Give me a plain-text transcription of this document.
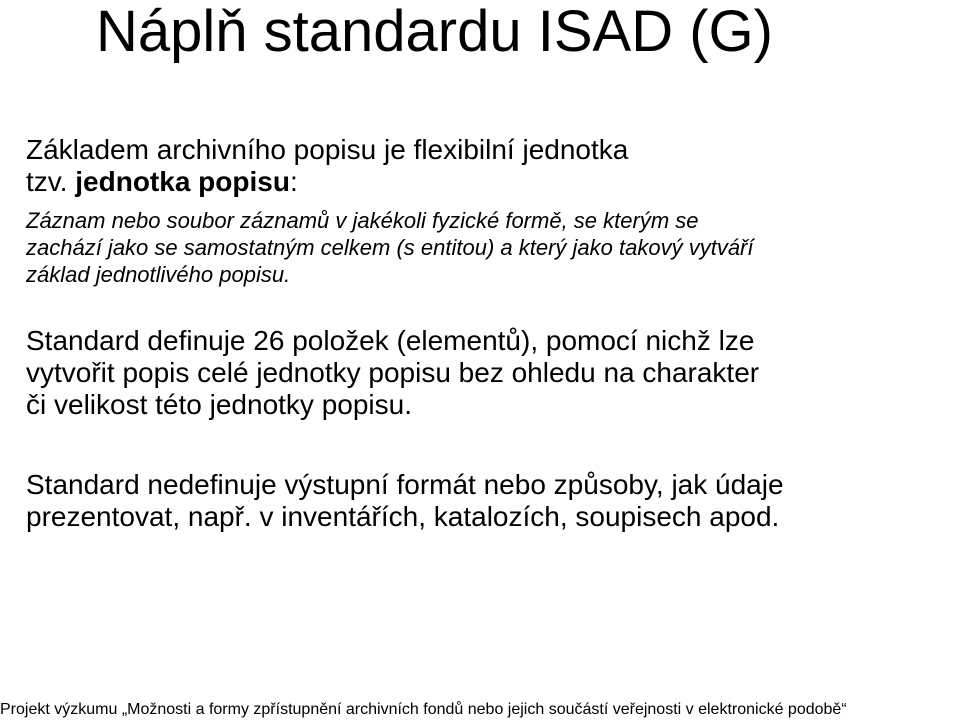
Náplň standardu ISAD (G)
Základem archivního popisu je flexibilní jednotka
tzv. jednotka popisu:
Záznam nebo soubor záznamů v jakékoli fyzické formě, se kterým se
zachází jako se samostatným celkem (s entitou) a který jako takový vytváří
základ jednotlivého popisu.
Standard definuje 26 položek (elementů), pomocí nichž lze
vytvořit popis celé jednotky popisu bez ohledu na charakter
či velikost této jednotky popisu.
Standard nedefinuje výstupní formát nebo způsoby, jak údaje
prezentovat, např. v inventářích, katalozích, soupisech apod.
Projekt výzkumu „Možnosti a formy zpřístupnění archivních fondů nebo jejich součástí veřejnosti v elektronické podobě“
